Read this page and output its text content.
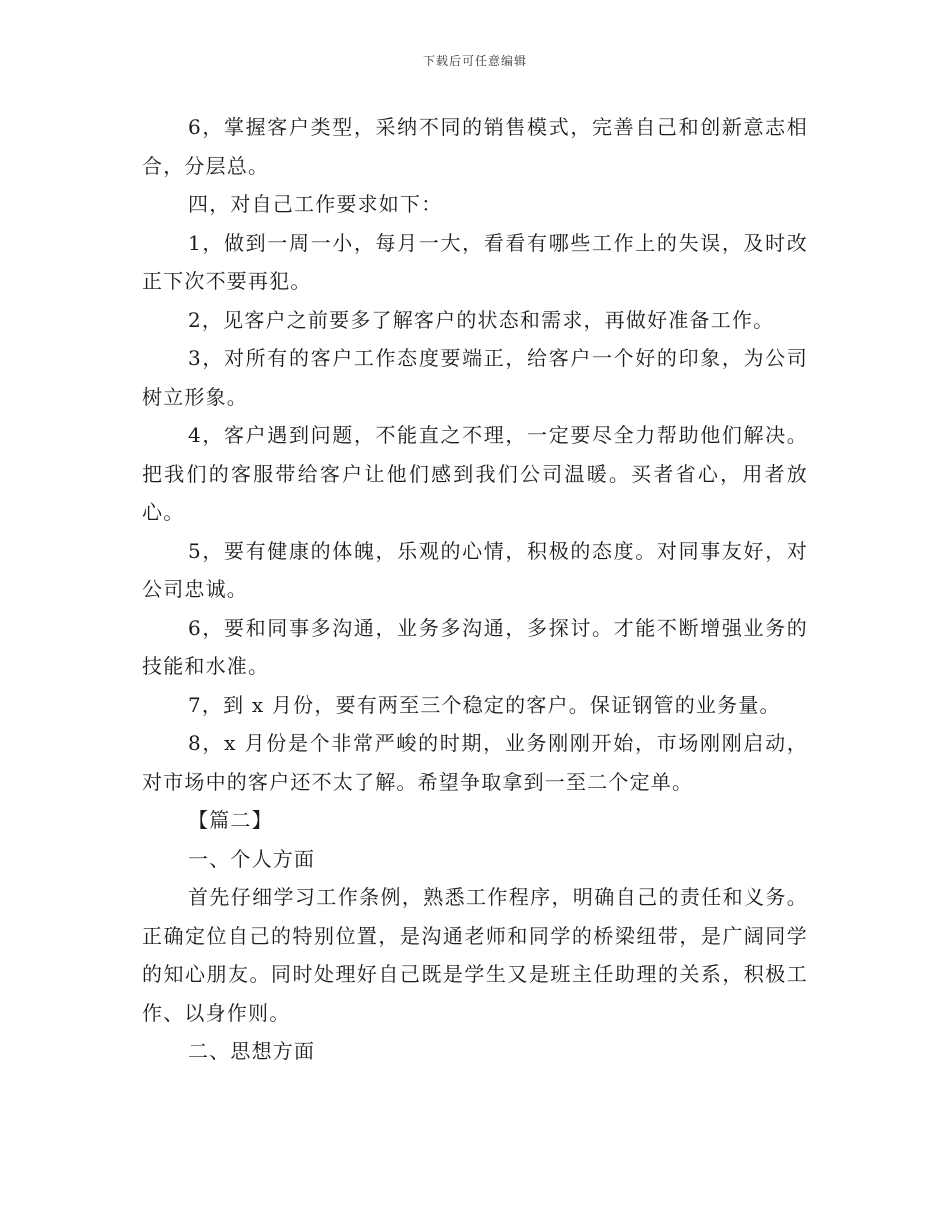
下载后可任意编辑

6，掌握客户类型，采纳不同的销售模式，完善自己和创新意志相合，分层总。

四，对自己工作要求如下：

1，做到一周一小，每月一大，看看有哪些工作上的失误，及时改正下次不要再犯。

2，见客户之前要多了解客户的状态和需求，再做好准备工作。

3，对所有的客户工作态度要端正，给客户一个好的印象，为公司树立形象。

4，客户遇到问题，不能直之不理，一定要尽全力帮助他们解决。把我们的客服带给客户让他们感到我们公司温暖。买者省心，用者放心。

5，要有健康的体魄，乐观的心情，积极的态度。对同事友好，对公司忠诚。

6，要和同事多沟通，业务多沟通，多探讨。才能不断增强业务的技能和水准。

7，到 x 月份，要有两至三个稳定的客户。保证钢管的业务量。

8，x 月份是个非常严峻的时期，业务刚刚开始，市场刚刚启动，对市场中的客户还不太了解。希望争取拿到一至二个定单。

【篇二】

一、个人方面

首先仔细学习工作条例，熟悉工作程序，明确自己的责任和义务。正确定位自己的特别位置，是沟通老师和同学的桥梁纽带，是广阔同学的知心朋友。同时处理好自己既是学生又是班主任助理的关系，积极工作、以身作则。

二、思想方面
